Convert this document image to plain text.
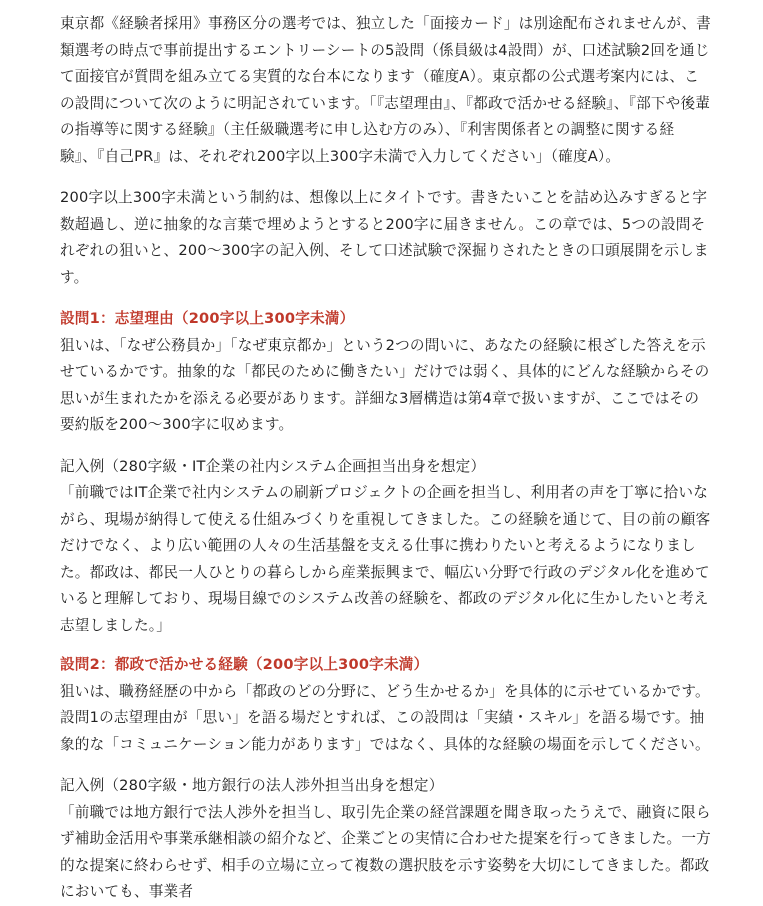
東京都《経験者採用》事務区分の選考では、独立した「面接カード」は別途配布されませんが、書類選考の時点で事前提出するエントリーシートの5設問（係員級は4設問）が、口述試験2回を通じて面接官が質問を組み立てる実質的な台本になります（確度A）。東京都の公式選考案内には、この設問について次のように明記されています。「『志望理由』、『都政で活かせる経験』、『部下や後輩の指導等に関する経験』（主任級職選考に申し込む方のみ）、『利害関係者との調整に関する経験』、『自己PR』は、それぞれ200字以上300字未満で入力してください」（確度A）。

200字以上300字未満という制約は、想像以上にタイトです。書きたいことを詰め込みすぎると字数超過し、逆に抽象的な言葉で埋めようとすると200字に届きません。この章では、5つの設問それぞれの狙いと、200〜300字の記入例、そして口述試験で深掘りされたときの口頭展開を示します。

設問1：志望理由（200字以上300字未満）

狙いは、「なぜ公務員か」「なぜ東京都か」という2つの問いに、あなたの経験に根ざした答えを示せているかです。抽象的な「都民のために働きたい」だけでは弱く、具体的にどんな経験からその思いが生まれたかを添える必要があります。詳細な3層構造は第4章で扱いますが、ここではその要約版を200〜300字に収めます。

記入例（280字級・IT企業の社内システム企画担当出身を想定）

「前職ではIT企業で社内システムの刷新プロジェクトの企画を担当し、利用者の声を丁寧に拾いながら、現場が納得して使える仕組みづくりを重視してきました。この経験を通じて、目の前の顧客だけでなく、より広い範囲の人々の生活基盤を支える仕事に携わりたいと考えるようになりました。都政は、都民一人ひとりの暮らしから産業振興まで、幅広い分野で行政のデジタル化を進めていると理解しており、現場目線でのシステム改善の経験を、都政のデジタル化に生かしたいと考え志望しました。」

設問2：都政で活かせる経験（200字以上300字未満）

狙いは、職務経歴の中から「都政のどの分野に、どう生かせるか」を具体的に示せているかです。設問1の志望理由が「思い」を語る場だとすれば、この設問は「実績・スキル」を語る場です。抽象的な「コミュニケーション能力があります」ではなく、具体的な経験の場面を示してください。

記入例（280字級・地方銀行の法人渉外担当出身を想定）

「前職では地方銀行で法人渉外を担当し、取引先企業の経営課題を聞き取ったうえで、融資に限らず補助金活用や事業承継相談の紹介など、企業ごとの実情に合わせた提案を行ってきました。一方的な提案に終わらせず、相手の立場に立って複数の選択肢を示す姿勢を大切にしてきました。都政においても、事業者
